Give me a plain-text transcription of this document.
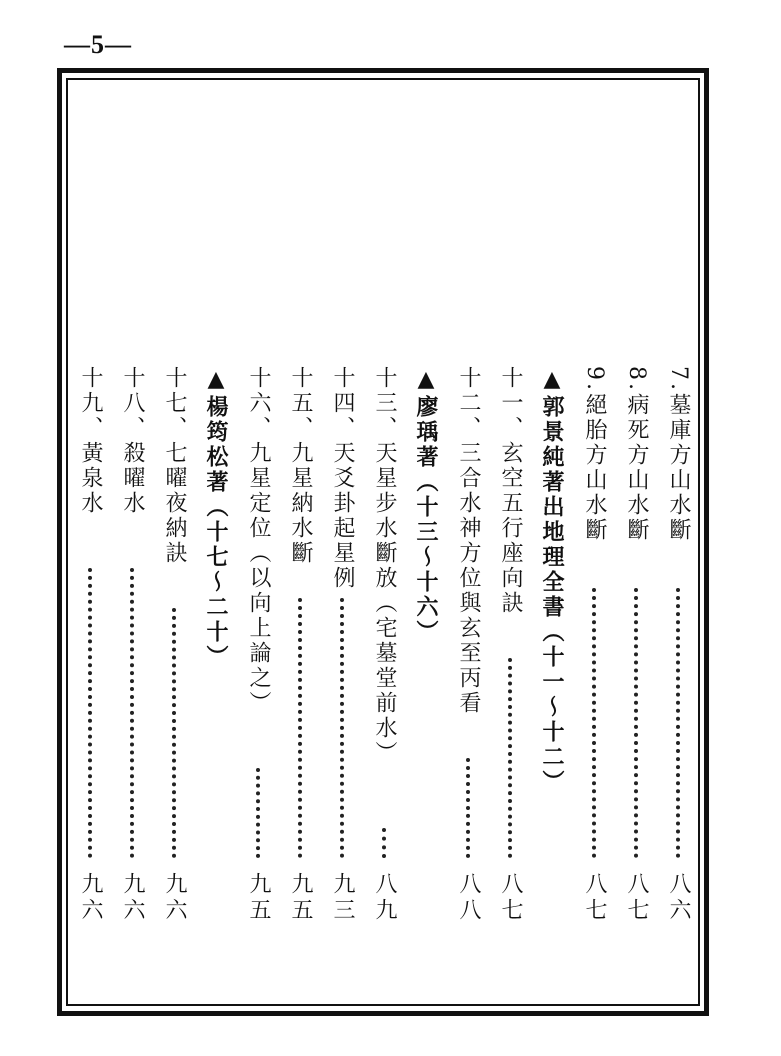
—5—
7.墓庫方山水斷
八六
8.病死方山水斷
八七
9.絕胎方山水斷
八七
▲郭景純著出地理全書（十一～十二）
十一、玄空五行座向訣
八七
十二、三合水神方位與玄至丙看
八八
▲廖瑀著（十三～十六）
十三、天星步水斷放（宅墓堂前水）
八九
十四、天爻卦起星例
九三
十五、九星納水斷
九五
十六、九星定位（以向上論之）
九五
▲楊筠松著（十七～二十）
十七、七曜夜納訣
九六
十八、殺曜水
九六
十九、黃泉水
九六
